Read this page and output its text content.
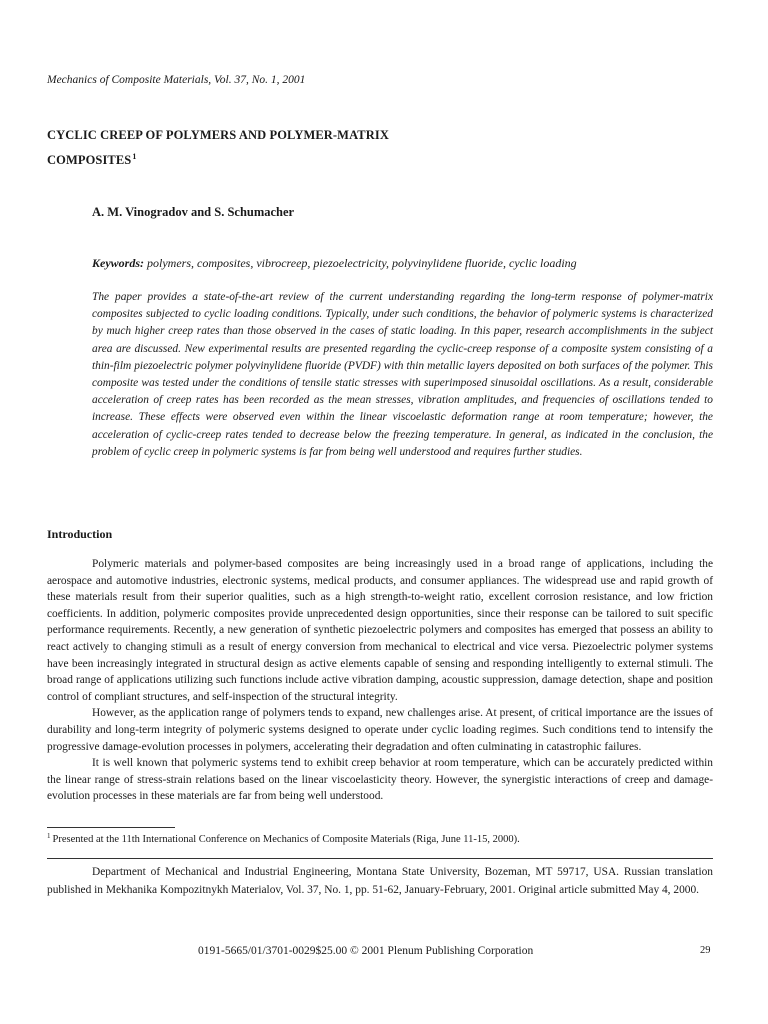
Mechanics of Composite Materials, Vol. 37, No. 1, 2001
CYCLIC CREEP OF POLYMERS AND POLYMER-MATRIX
COMPOSITES$^1$
A. M. Vinogradov and S. Schumacher
Keywords: polymers, composites, vibrocreep, piezoelectricity, polyvinylidene fluoride, cyclic loading

The paper provides a state-of-the-art review of the current understanding regarding the long-term response of polymer-matrix composites subjected to cyclic loading conditions. Typically, under such conditions, the behavior of polymeric systems is characterized by much higher creep rates than those observed in the cases of static loading. In this paper, research accomplishments in the subject area are discussed. New experimental results are presented regarding the cyclic-creep response of a composite system consisting of a thin-film piezoelectric polymer polyvinylidene fluoride (PVDF) with thin metallic layers deposited on both surfaces of the polymer. This composite was tested under the conditions of tensile static stresses with superimposed sinusoidal oscillations. As a result, considerable acceleration of creep rates has been recorded as the mean stresses, vibration amplitudes, and frequencies of oscillations tended to increase. These effects were observed even within the linear viscoelastic deformation range at room temperature; however, the acceleration of cyclic-creep rates tended to decrease below the freezing temperature. In general, as indicated in the conclusion, the problem of cyclic creep in polymeric systems is far from being well understood and requires further studies.

Introduction

Polymeric materials and polymer-based composites are being increasingly used in a broad range of applications, including the aerospace and automotive industries, electronic systems, medical products, and consumer appliances. The widespread use and rapid growth of these materials result from their superior qualities, such as a high strength-to-weight ratio, excellent corrosion resistance, and low friction coefficients. In addition, polymeric composites provide unprecedented design opportunities, since their response can be tailored to suit specific performance requirements. Recently, a new generation of synthetic piezoelectric polymers and composites has emerged that possess an ability to react actively to changing stimuli as a result of energy conversion from mechanical to electrical and vice versa. Piezoelectric polymer systems have been increasingly integrated in structural design as active elements capable of sensing and responding intelligently to external stimuli. The broad range of applications utilizing such functions include active vibration damping, acoustic suppression, damage detection, shape and position control of compliant structures, and self-inspection of the structural integrity.

However, as the application range of polymers tends to expand, new challenges arise. At present, of critical importance are the issues of durability and long-term integrity of polymeric systems designed to operate under cyclic loading regimes. Such conditions tend to intensify the progressive damage-evolution processes in polymers, accelerating their degradation and often culminating in catastrophic failures.

It is well known that polymeric systems tend to exhibit creep behavior at room temperature, which can be accurately predicted within the linear range of stress-strain relations based on the linear viscoelasticity theory. However, the synergistic interactions of creep and damage-evolution processes in these materials are far from being well understood.

$^1$ Presented at the 11th International Conference on Mechanics of Composite Materials (Riga, June 11-15, 2000).

Department of Mechanical and Industrial Engineering, Montana State University, Bozeman, MT 59717, USA. Russian translation published in Mekhanika Kompozitnykh Materialov, Vol. 37, No. 1, pp. 51-62, January-February, 2001. Original article submitted May 4, 2000.

0191-5665/01/3701-0029$25.00 © 2001 Plenum Publishing Corporation	29
